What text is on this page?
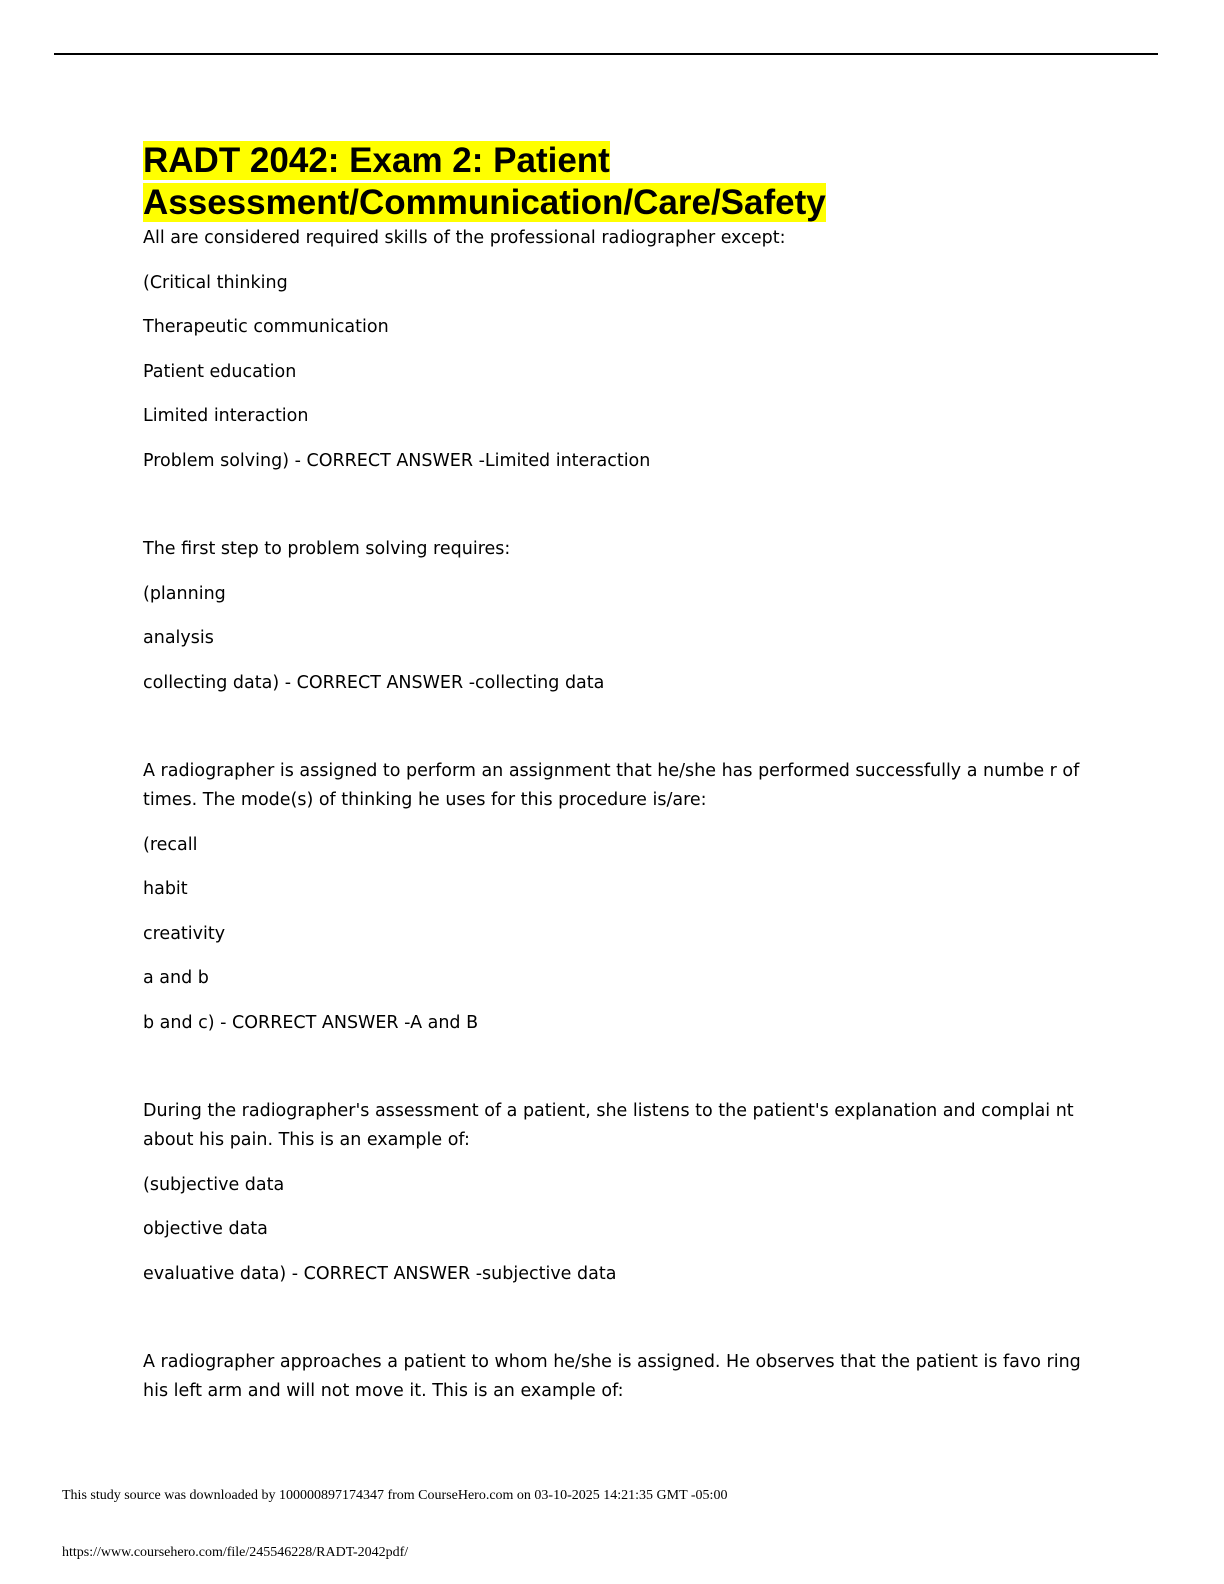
RADT 2042: Exam 2: Patient
Assessment/Communication/Care/Safety

All are considered required skills of the professional radiographer except:

(Critical thinking

Therapeutic communication

Patient education

Limited interaction

Problem solving) - CORRECT ANSWER -Limited interaction

The first step to problem solving requires:

(planning

analysis

collecting data) - CORRECT ANSWER -collecting data

A radiographer is assigned to perform an assignment that he/she has performed successfully a numbe r of times. The mode(s) of thinking he uses for this procedure is/are:

(recall

habit

creativity

a and b

b and c) - CORRECT ANSWER -A and B

During the radiographer's assessment of a patient, she listens to the patient's explanation and complai nt about his pain. This is an example of:

(subjective data

objective data

evaluative data) - CORRECT ANSWER -subjective data

A radiographer approaches a patient to whom he/she is assigned. He observes that the patient is favo ring his left arm and will not move it. This is an example of:

This study source was downloaded by 100000897174347 from CourseHero.com on 03-10-2025 14:21:35 GMT -05:00
https://www.coursehero.com/file/245546228/RADT-2042pdf/
